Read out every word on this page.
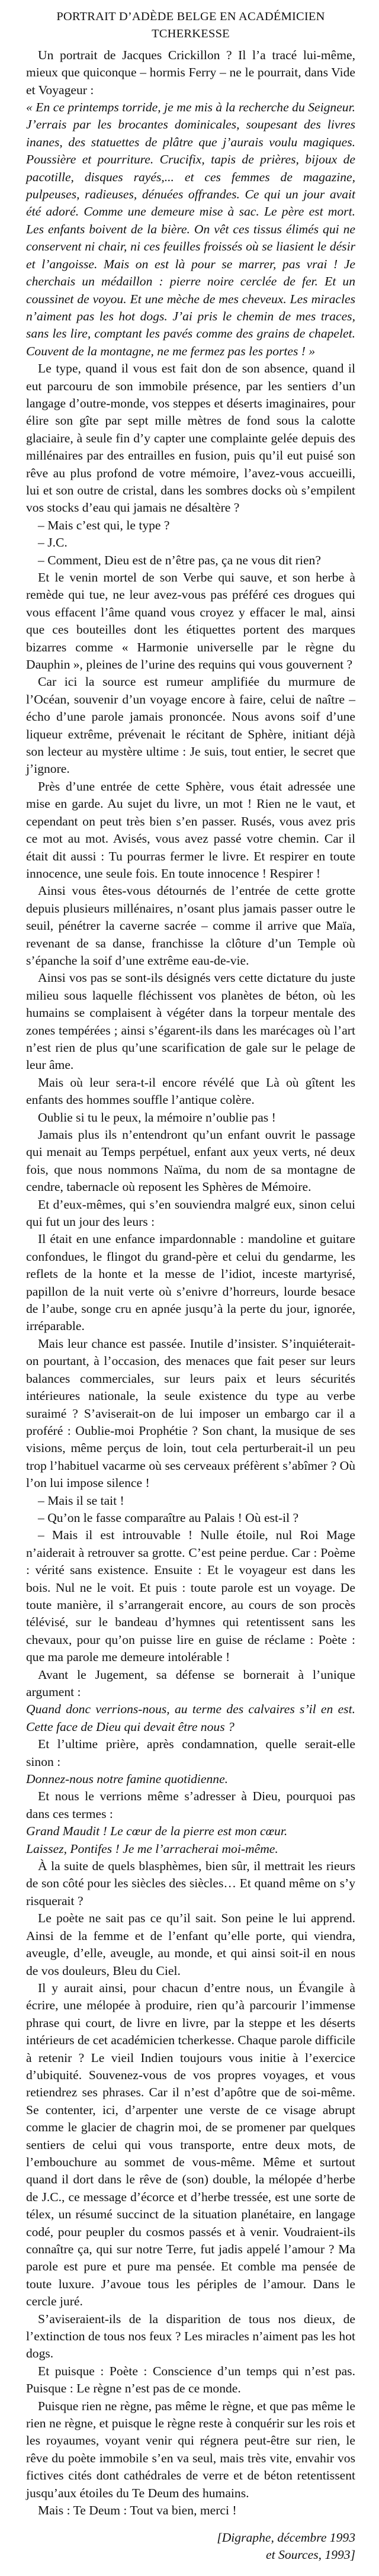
PORTRAIT D’ADÈDE BELGE EN ACADÉMICIEN TCHERKESSE

Un portrait de Jacques Crickillon ? Il l’a tracé lui-même, mieux que quiconque – hormis Ferry – ne le pourrait, dans Vide et Voyageur :

« En ce printemps torride, je me mis à la recherche du Seigneur. J’errais par les brocantes dominicales, soupesant des livres inanes, des statuettes de plâtre que j’aurais voulu magiques. Poussière et pourriture. Crucifix, tapis de prières, bijoux de pacotille, disques rayés,... et ces femmes de magazine, pulpeuses, radieuses, dénuées offrandes. Ce qui un jour avait été adoré. Comme une demeure mise à sac. Le père est mort. Les enfants boivent de la bière. On vêt ces tissus élimés qui ne conservent ni chair, ni ces feuilles froissés où se liasient le désir et l’angoisse. Mais on est là pour se marrer, pas vrai ! Je cherchais un médaillon : pierre noire cerclée de fer. Et un coussinet de voyou. Et une mèche de mes cheveux. Les miracles n’aiment pas les hot dogs. J’ai pris le chemin de mes traces, sans les lire, comptant les pavés comme des grains de chapelet. Couvent de la montagne, ne me fermez pas les portes ! »

Le type, quand il vous est fait don de son absence, quand il eut parcouru de son immobile présence, par les sentiers d’un langage d’outre-monde, vos steppes et déserts imaginaires, pour élire son gîte par sept mille mètres de fond sous la calotte glaciaire, à seule fin d’y capter une complainte gelée depuis des millénaires par des entrailles en fusion, puis qu’il eut puisé son rêve au plus profond de votre mémoire, l’avez-vous accueilli, lui et son outre de cristal, dans les sombres docks où s’empilent vos stocks d’eau qui jamais ne désaltère ?

– Mais c’est qui, le type ?

– J.C.

– Comment, Dieu est de n’être pas, ça ne vous dit rien?

Et le venin mortel de son Verbe qui sauve, et son herbe à remède qui tue, ne leur avez-vous pas préféré ces drogues qui vous effacent l’âme quand vous croyez y effacer le mal, ainsi que ces bouteilles dont les étiquettes portent des marques bizarres comme « Harmonie universelle par le règne du Dauphin », pleines de l’urine des requins qui vous gouvernent ?

Car ici la source est rumeur amplifiée du murmure de l’Océan, souvenir d’un voyage encore à faire, celui de naître – écho d’une parole jamais prononcée. Nous avons soif d’une liqueur extrême, prévenait le récitant de Sphère, initiant déjà son lecteur au mystère ultime : Je suis, tout entier, le secret que j’ignore.

Près d’une entrée de cette Sphère, vous était adressée une mise en garde. Au sujet du livre, un mot ! Rien ne le vaut, et cependant on peut très bien s’en passer. Rusés, vous avez pris ce mot au mot. Avisés, vous avez passé votre chemin. Car il était dit aussi : Tu pourras fermer le livre. Et respirer en toute innocence, une seule fois. En toute innocence ! Respirer !

Ainsi vous êtes-vous détournés de l’entrée de cette grotte depuis plusieurs millénaires, n’osant plus jamais passer outre le seuil, pénétrer la caverne sacrée – comme il arrive que Maïa, revenant de sa danse, franchisse la clôture d’un Temple où s’épanche la soif d’une extrême eau-de-vie.

Ainsi vos pas se sont-ils désignés vers cette dictature du juste milieu sous laquelle fléchissent vos planètes de béton, où les humains se complaisent à végéter dans la torpeur mentale des zones tempérées ; ainsi s’égarent-ils dans les marécages où l’art n’est rien de plus qu’une scarification de gale sur le pelage de leur âme.

Mais où leur sera-t-il encore révélé que Là où gîtent les enfants des hommes souffle l’antique colère.

Oublie si tu le peux, la mémoire n’oublie pas !

Jamais plus ils n’entendront qu’un enfant ouvrit le passage qui menait au Temps perpétuel, enfant aux yeux verts, né deux fois, que nous nommons Naïma, du nom de sa montagne de cendre, tabernacle où reposent les Sphères de Mémoire.

Et d’eux-mêmes, qui s’en souviendra malgré eux, sinon celui qui fut un jour des leurs :

Il était en une enfance impardonnable : mandoline et guitare confondues, le flingot du grand-père et celui du gendarme, les reflets de la honte et la messe de l’idiot, inceste martyrisé, papillon de la nuit verte où s’enivre d’horreurs, lourde besace de l’aube, songe cru en apnée jusqu’à la perte du jour, ignorée, irréparable.

Mais leur chance est passée. Inutile d’insister. S’inquiéterait-on pourtant, à l’occasion, des menaces que fait peser sur leurs balances commerciales, sur leurs paix et leurs sécurités intérieures nationale, la seule existence du type au verbe suraimé ? S’aviserait-on de lui imposer un embargo car il a proféré : Oublie-moi Prophétie ? Son chant, la musique de ses visions, même perçus de loin, tout cela perturberait-il un peu trop l’habituel vacarme où ses cerveaux préfèrent s’abîmer ? Où l’on lui impose silence !

– Mais il se tait !

– Qu’on le fasse comparaître au Palais ! Où est-il ?

– Mais il est introuvable ! Nulle étoile, nul Roi Mage n’aiderait à retrouver sa grotte. C’est peine perdue. Car : Poème : vérité sans existence. Ensuite : Et le voyageur est dans les bois. Nul ne le voit. Et puis : toute parole est un voyage. De toute manière, il s’arrangerait encore, au cours de son procès télévisé, sur le bandeau d’hymnes qui retentissent sans les chevaux, pour qu’on puisse lire en guise de réclame : Poète : que ma parole me demeure intolérable !

Avant le Jugement, sa défense se bornerait à l’unique argument :

Quand donc verrions-nous, au terme des calvaires s’il en est. Cette face de Dieu qui devait être nous ?

Et l’ultime prière, après condamnation, quelle serait-elle sinon :

Donnez-nous notre famine quotidienne.

Et nous le verrions même s’adresser à Dieu, pourquoi pas dans ces termes :

Grand Maudit ! Le cœur de la pierre est mon cœur.

Laissez, Pontifes ! Je me l’arracherai moi-même.

À la suite de quels blasphèmes, bien sûr, il mettrait les rieurs de son côté pour les siècles des siècles… Et quand même on s’y risquerait ?

Le poète ne sait pas ce qu’il sait. Son peine le lui apprend. Ainsi de la femme et de l’enfant qu’elle porte, qui viendra, aveugle, d’elle, aveugle, au monde, et qui ainsi soit-il en nous de vos douleurs, Bleu du Ciel.

Il y aurait ainsi, pour chacun d’entre nous, un Évangile à écrire, une mélopée à produire, rien qu’à parcourir l’immense phrase qui court, de livre en livre, par la steppe et les déserts intérieurs de cet académicien tcherkesse. Chaque parole difficile à retenir ? Le vieil Indien toujours vous initie à l’exercice d’ubiquité. Souvenez-vous de vos propres voyages, et vous retiendrez ses phrases. Car il n’est d’apôtre que de soi-même. Se contenter, ici, d’arpenter une verste de ce visage abrupt comme le glacier de chagrin moi, de se promener par quelques sentiers de celui qui vous transporte, entre deux mots, de l’embouchure au sommet de vous-même. Même et surtout quand il dort dans le rêve de (son) double, la mélopée d’herbe de J.C., ce message d’écorce et d’herbe tressée, est une sorte de télex, un résumé succinct de la situation planétaire, en langage codé, pour peupler du cosmos passés et à venir. Voudraient-ils connaître ça, qui sur notre Terre, fut jadis appelé l’amour ? Ma parole est pure et pure ma pensée. Et comble ma pensée de toute luxure. J’avoue tous les périples de l’amour. Dans le cercle juré.

S’aviseraient-ils de la disparition de tous nos dieux, de l’extinction de tous nos feux ? Les miracles n’aiment pas les hot dogs.

Et puisque : Poète : Conscience d’un temps qui n’est pas. Puisque : Le règne n’est pas de ce monde.

Puisque rien ne règne, pas même le règne, et que pas même le rien ne règne, et puisque le règne reste à conquérir sur les rois et les royaumes, voyant venir qui régnera peut-être sur rien, le rêve du poète immobile s’en va seul, mais très vite, envahir vos fictives cités dont cathédrales de verre et de béton retentissent jusqu’aux étoiles du Te Deum des humains.

Mais : Te Deum : Tout va bien, merci !

[Digraphe, décembre 1993
et Sources, 1993]
